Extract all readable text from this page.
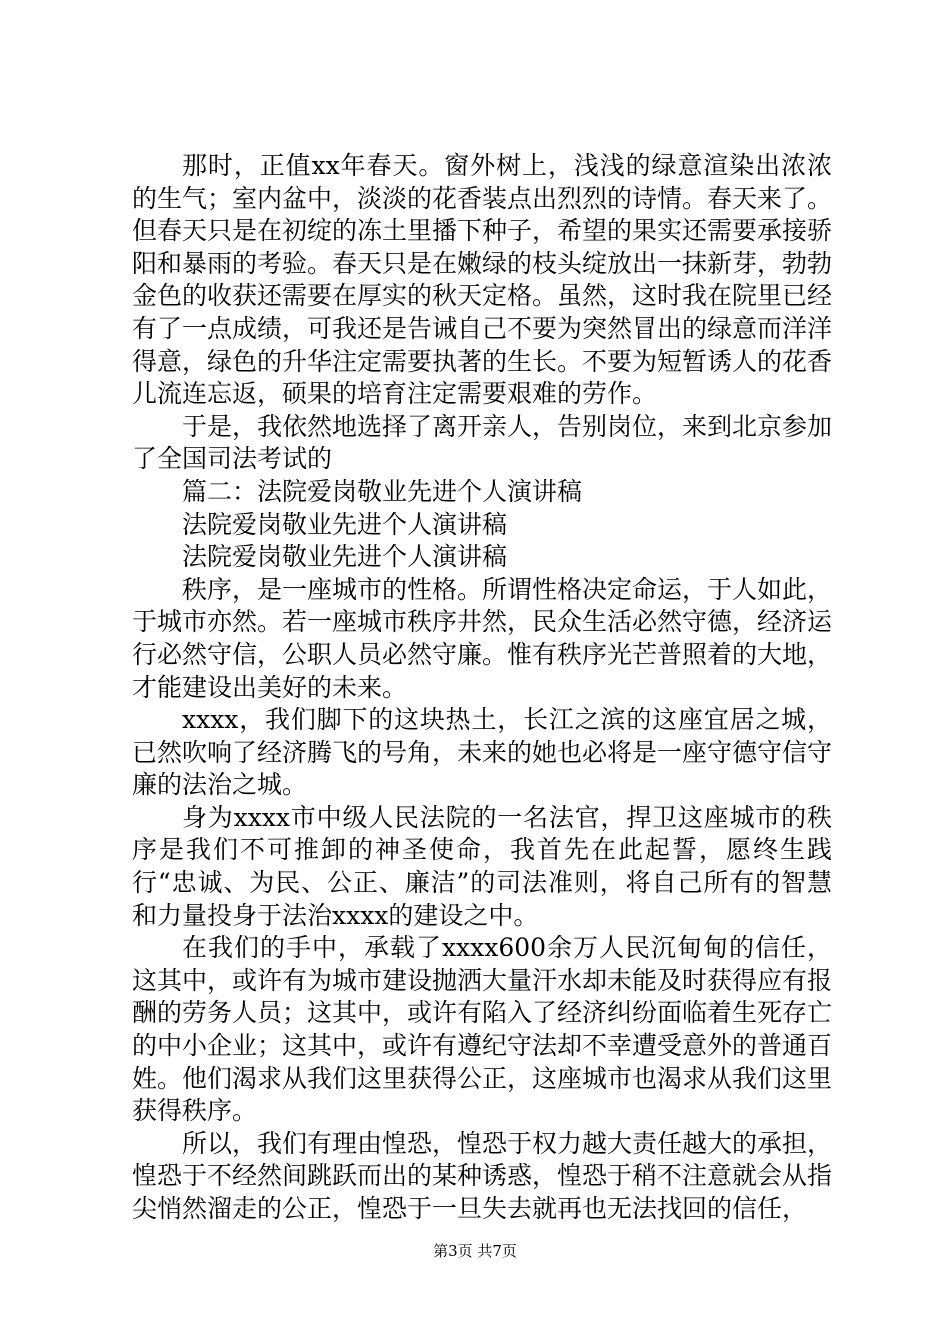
那时，正值xx年春天。窗外树上，浅浅的绿意渲染出浓浓的生气；室内盆中，淡淡的花香装点出烈烈的诗情。春天来了。但春天只是在初绽的冻土里播下种子，希望的果实还需要承接骄阳和暴雨的考验。春天只是在嫩绿的枝头绽放出一抹新芽，勃勃金色的收获还需要在厚实的秋天定格。虽然，这时我在院里已经有了一点成绩，可我还是告诫自己不要为突然冒出的绿意而洋洋得意，绿色的升华注定需要执著的生长。不要为短暂诱人的花香儿流连忘返，硕果的培育注定需要艰难的劳作。

于是，我依然地选择了离开亲人，告别岗位，来到北京参加了全国司法考试的

篇二：法院爱岗敬业先进个人演讲稿

法院爱岗敬业先进个人演讲稿

法院爱岗敬业先进个人演讲稿

秩序，是一座城市的性格。所谓性格决定命运，于人如此，于城市亦然。若一座城市秩序井然，民众生活必然守德，经济运行必然守信，公职人员必然守廉。惟有秩序光芒普照着的大地，才能建设出美好的未来。

xxxx，我们脚下的这块热土，长江之滨的这座宜居之城，已然吹响了经济腾飞的号角，未来的她也必将是一座守德守信守廉的法治之城。

身为xxxx市中级人民法院的一名法官，捍卫这座城市的秩序是我们不可推卸的神圣使命，我首先在此起誓，愿终生践行“忠诚、为民、公正、廉洁”的司法准则，将自己所有的智慧和力量投身于法治xxxx的建设之中。

在我们的手中，承载了xxxx600余万人民沉甸甸的信任，这其中，或许有为城市建设抛洒大量汗水却未能及时获得应有报酬的劳务人员；这其中，或许有陷入了经济纠纷面临着生死存亡的中小企业；这其中，或许有遵纪守法却不幸遭受意外的普通百姓。他们渴求从我们这里获得公正，这座城市也渴求从我们这里获得秩序。

所以，我们有理由惶恐，惶恐于权力越大责任越大的承担，惶恐于不经然间跳跃而出的某种诱惑，惶恐于稍不注意就会从指尖悄然溜走的公正，惶恐于一旦失去就再也无法找回的信任，

第3页 共7页
